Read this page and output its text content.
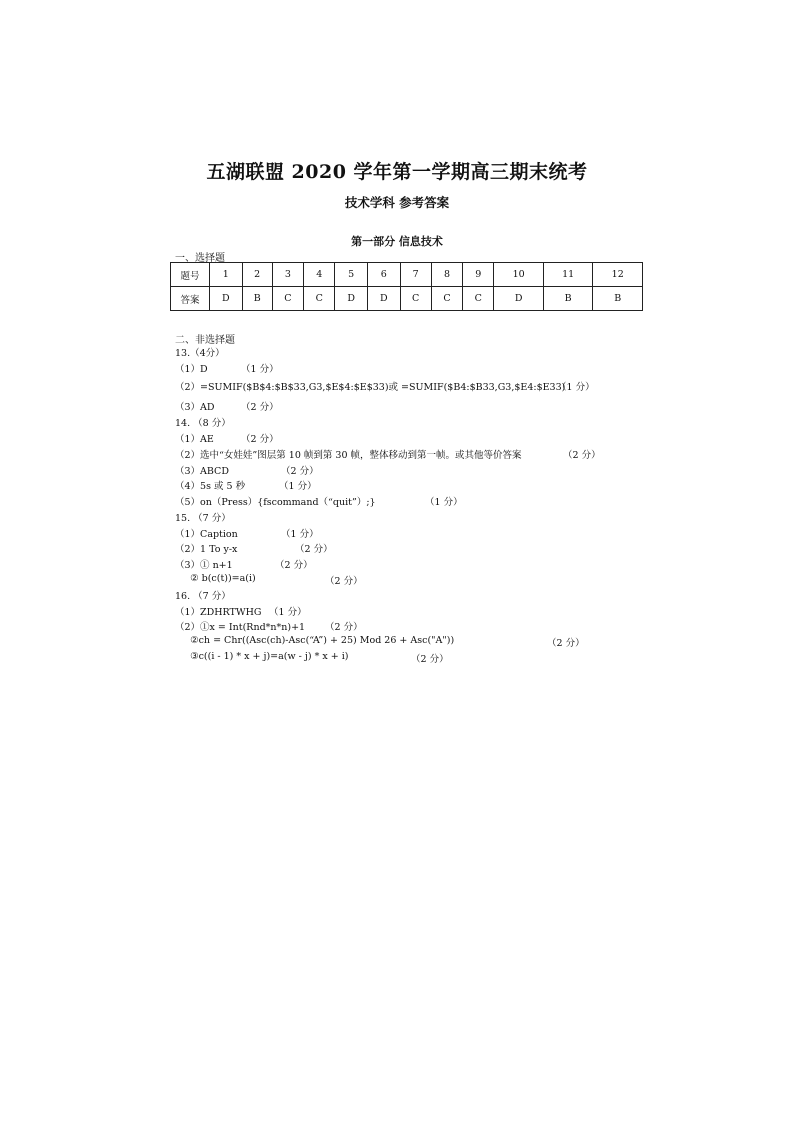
五湖联盟 2020 学年第一学期高三期末统考
技术学科 参考答案
第一部分 信息技术
一、选择题
题号	1	2	3	4	5	6	7	8	9	10	11	12
答案	D	B	C	C	D	D	C	C	C	D	B	B
二、非选择题
13.（4分）
（1）D	（1 分）
（2）=SUMIF($B$4:$B$33,G3,$E$4:$E$33)或 =SUMIF($B4:$B33,G3,$E4:$E33)
（1 分）
（3）AD	（2 分）
14. （8 分）
（1）AE	（2 分）
（2）选中“女娃娃”图层第 10 帧到第 30 帧，整体移动到第一帧。或其他等价答案	（2 分）
（3）ABCD	（2 分）
（4）5s 或 5 秒	（1 分）
（5）on（Press）{fscommand（“quit”）;}	（1 分）
15. （7 分）
（1）Caption	（1 分）
（2）1 To y-x	（2 分）
（3）① n+1	（2 分）
② b(c(t))=a(i)	（2 分）
16. （7 分）
（1）ZDHRTWHG （1 分）
（2）①x = Int(Rnd*n*n)+1 （2 分）
②ch = Chr((Asc(ch)-Asc(“A”) + 25) Mod 26 + Asc("A"))	（2 分）
③c((i - 1) * x + j)=a(w - j) * x + i)	（2 分）
